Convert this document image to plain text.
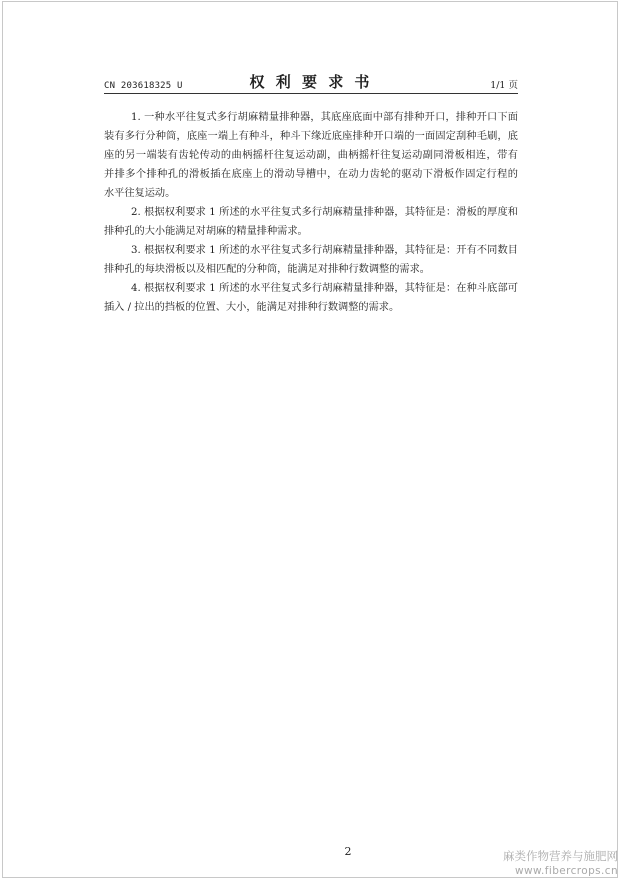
CN 203618325 U	权 利 要 求 书	1/1 页
1. 一种水平往复式多行胡麻精量排种器，其底座底面中部有排种开口，排种开口下面
装有多行分种筒，底座一端上有种斗，种斗下缘近底座排种开口端的一面固定刮种毛刷，底
座的另一端装有齿轮传动的曲柄摇杆往复运动副，曲柄摇杆往复运动副同滑板相连，带有
并排多个排种孔的滑板插在底座上的滑动导槽中，在动力齿轮的驱动下滑板作固定行程的
水平往复运动。
2. 根据权利要求 1 所述的水平往复式多行胡麻精量排种器，其特征是：滑板的厚度和
排种孔的大小能满足对胡麻的精量排种需求。
3. 根据权利要求 1 所述的水平往复式多行胡麻精量排种器，其特征是：开有不同数目
排种孔的每块滑板以及相匹配的分种筒，能满足对排种行数调整的需求。
4. 根据权利要求 1 所述的水平往复式多行胡麻精量排种器，其特征是：在种斗底部可
插入 / 拉出的挡板的位置、大小，能满足对排种行数调整的需求。
2	麻类作物营养与施肥网
www.fibercrops.cn
